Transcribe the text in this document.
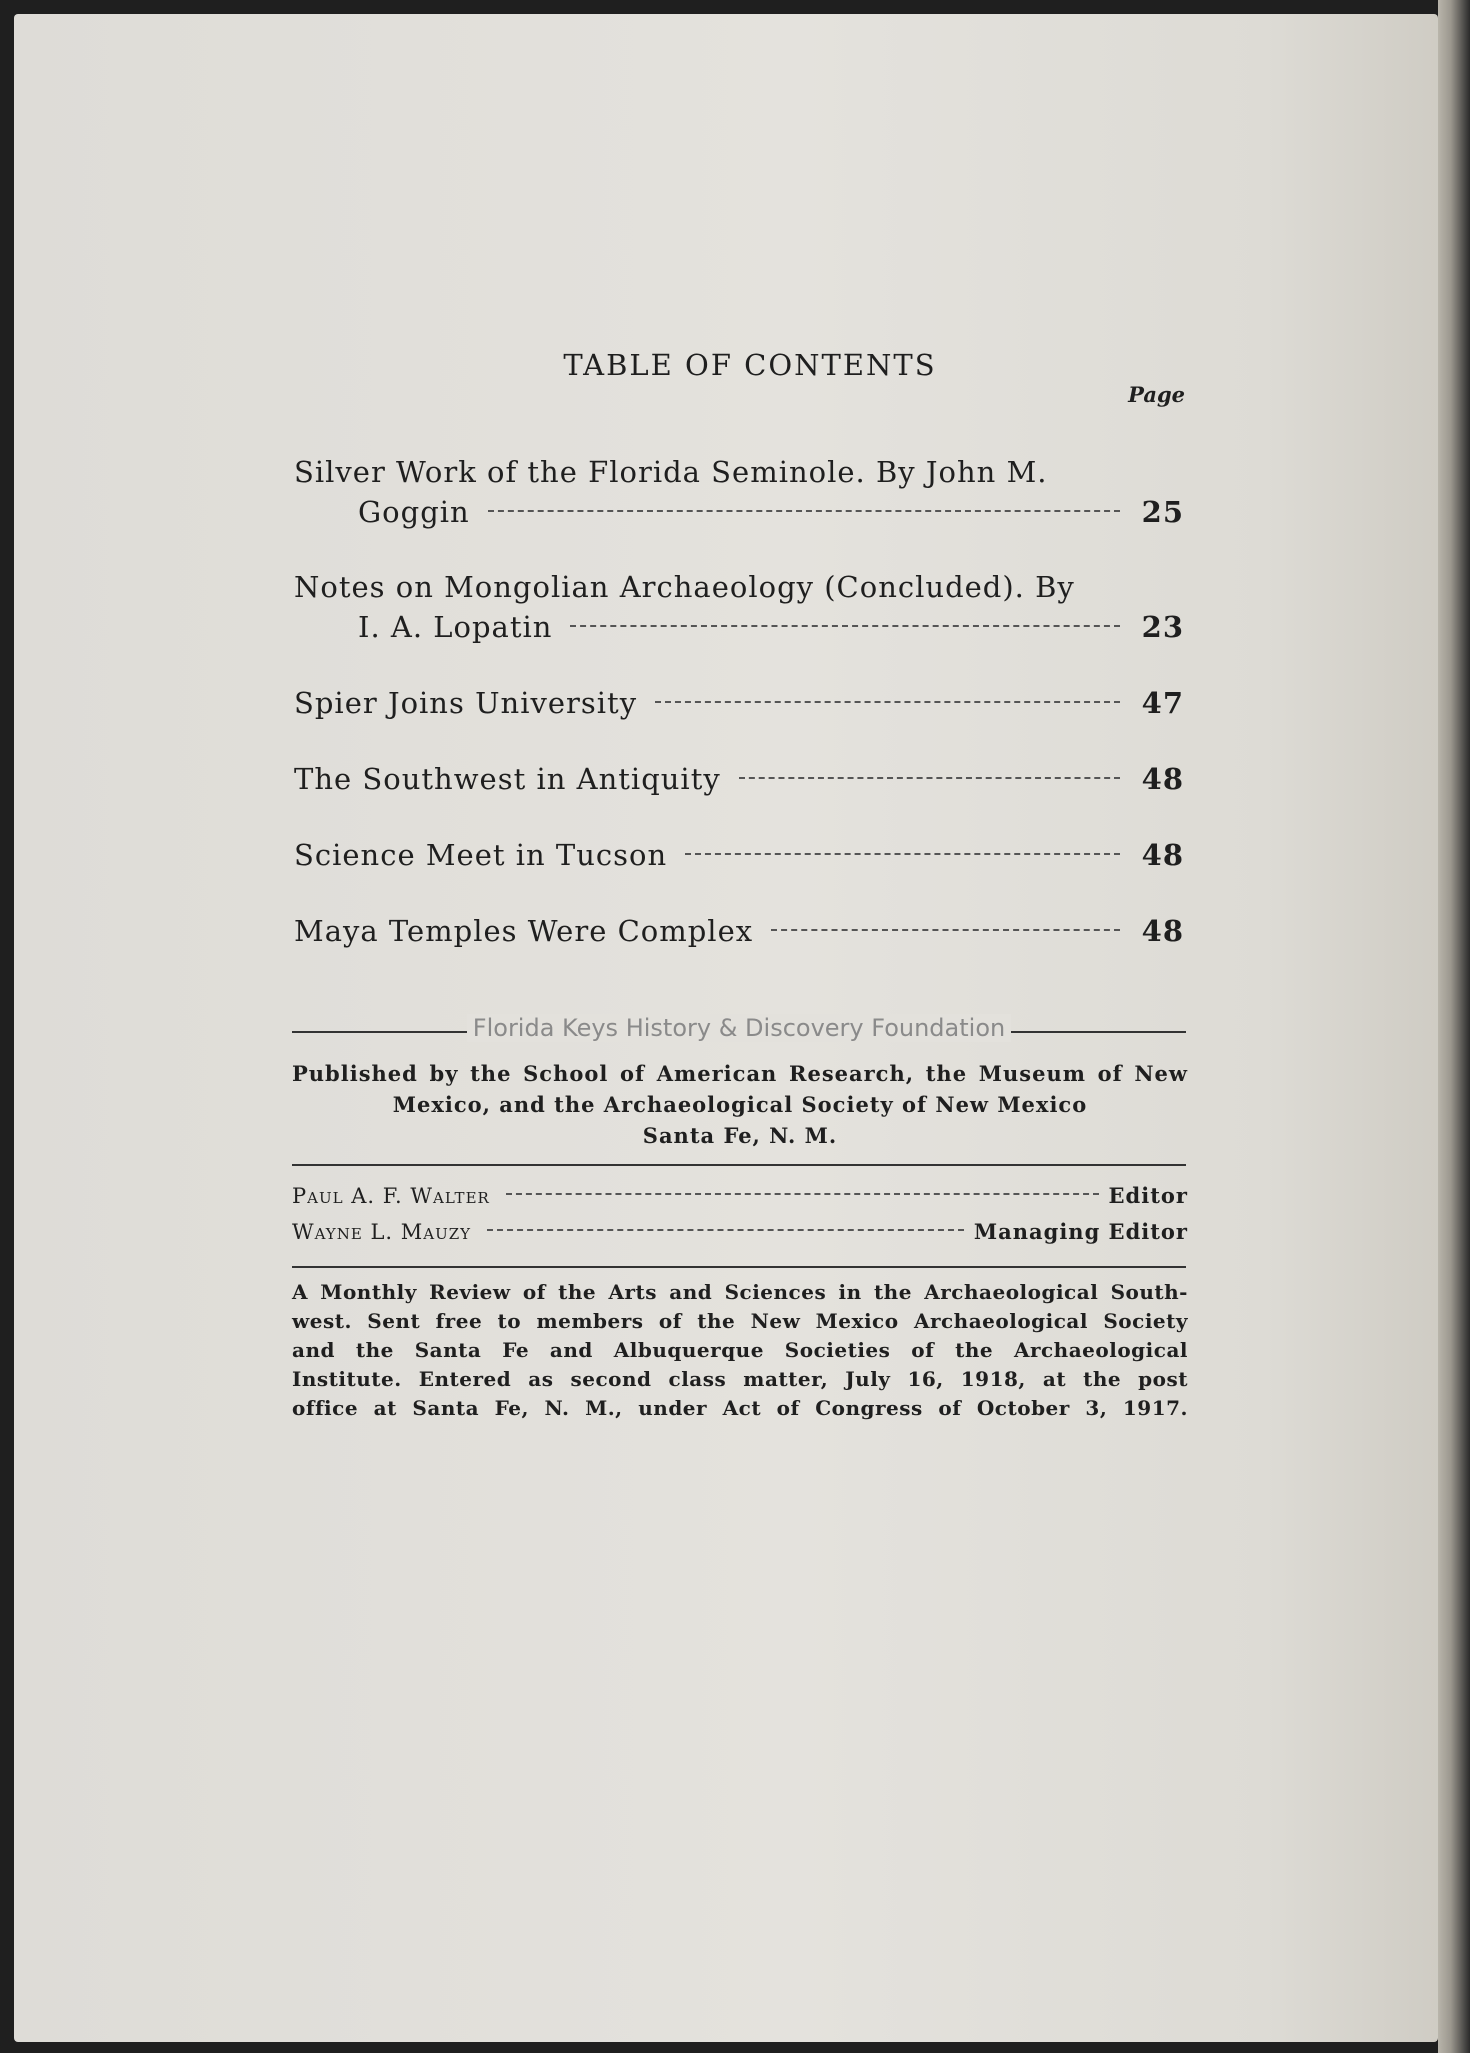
TABLE OF CONTENTS
Page
Silver Work of the Florida Seminole. By John M.
Goggin	25
Notes on Mongolian Archaeology (Concluded). By
I. A. Lopatin	23
Spier Joins University	47
The Southwest in Antiquity	48
Science Meet in Tucson	48
Maya Temples Were Complex	48
Florida Keys History & Discovery Foundation
Published by the School of American Research, the Museum of New
Mexico, and the Archaeological Society of New Mexico
Santa Fe, N. M.
Paul A. F. Walter	Editor
Wayne L. Mauzy	Managing Editor
A Monthly Review of the Arts and Sciences in the Archaeological South-
west. Sent free to members of the New Mexico Archaeological Society
and the Santa Fe and Albuquerque Societies of the Archaeological
Institute. Entered as second class matter, July 16, 1918, at the post
office at Santa Fe, N. M., under Act of Congress of October 3, 1917.
